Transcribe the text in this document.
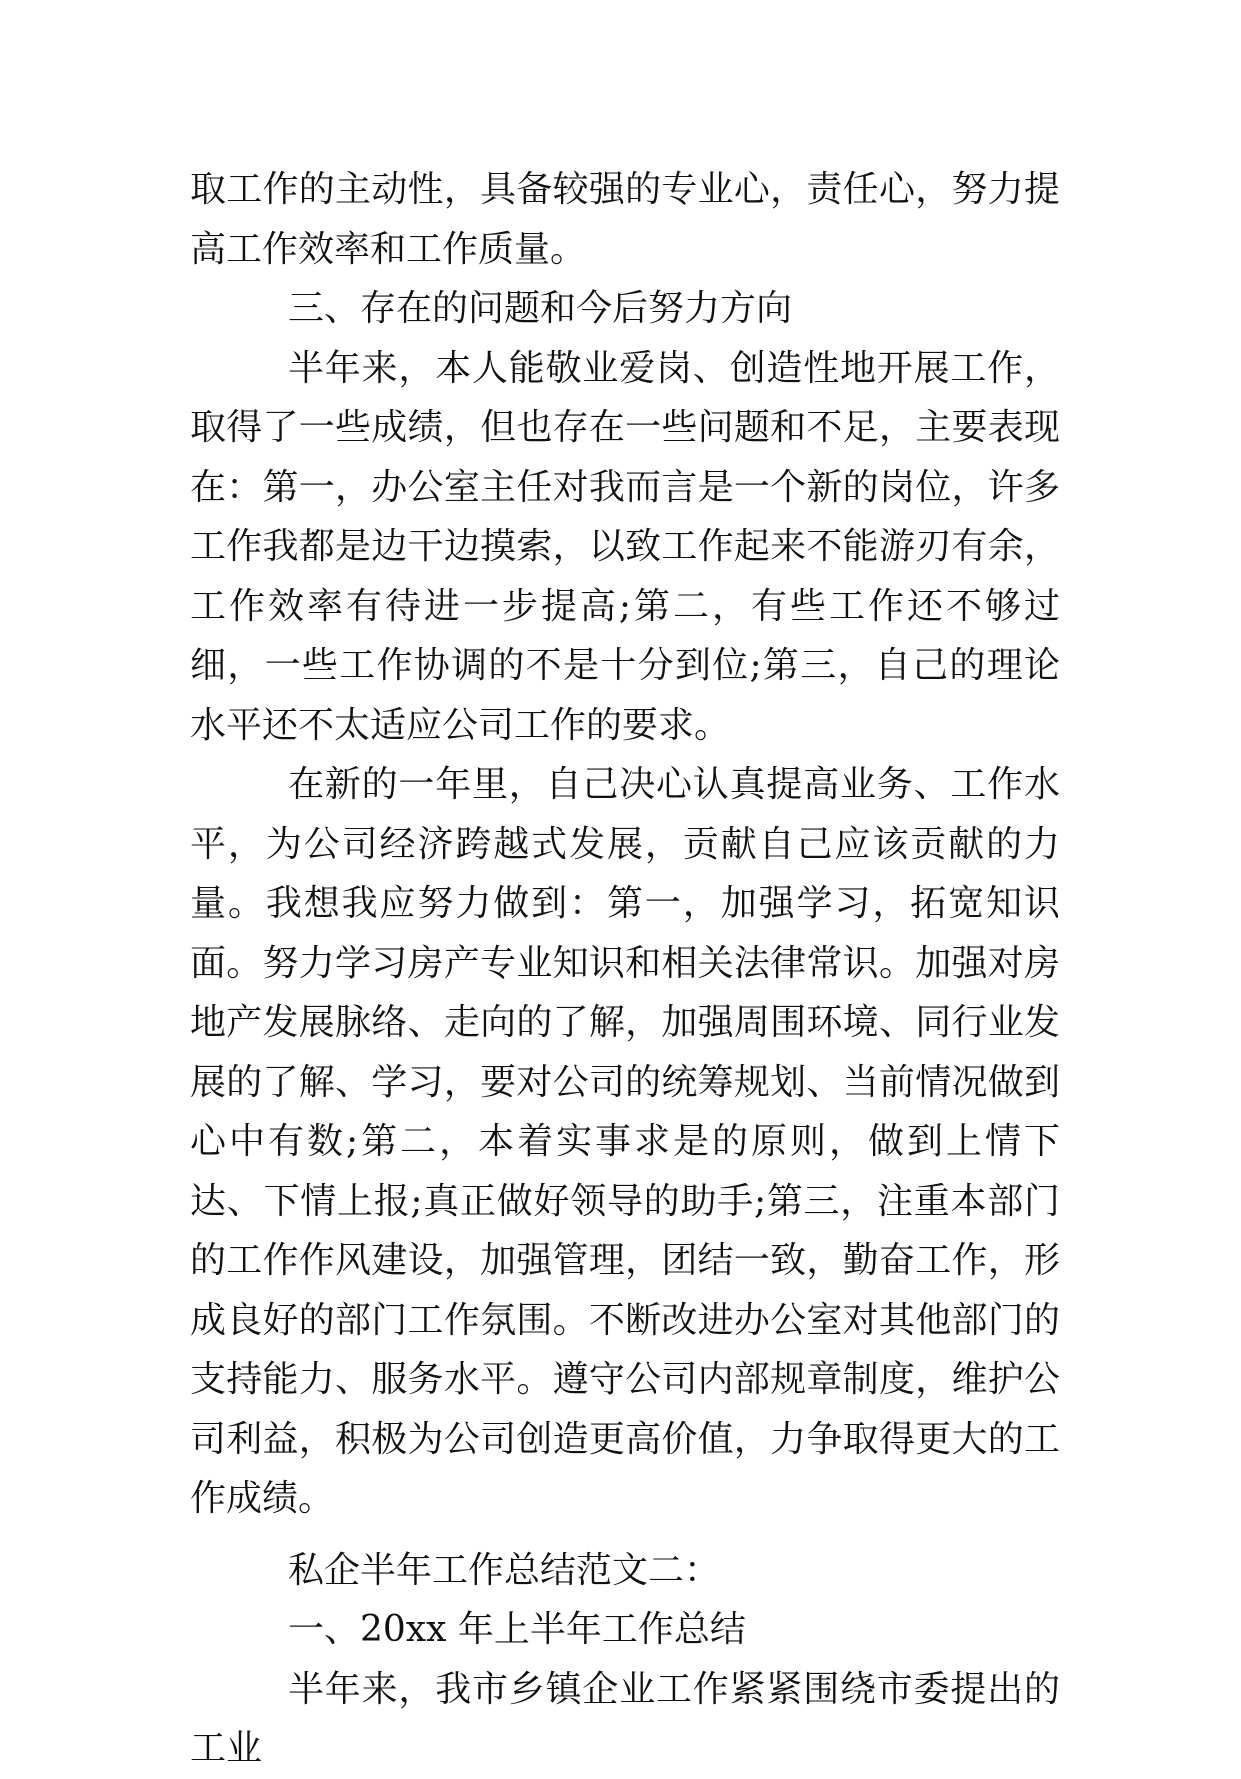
取工作的主动性，具备较强的专业心，责任心，努力提高工作效率和工作质量。

三、存在的问题和今后努力方向

半年来，本人能敬业爱岗、创造性地开展工作，取得了一些成绩，但也存在一些问题和不足，主要表现在：第一，办公室主任对我而言是一个新的岗位，许多工作我都是边干边摸索，以致工作起来不能游刃有余，工作效率有待进一步提高;第二，有些工作还不够过细，一些工作协调的不是十分到位;第三，自己的理论水平还不太适应公司工作的要求。

在新的一年里，自己决心认真提高业务、工作水平，为公司经济跨越式发展，贡献自己应该贡献的力量。我想我应努力做到：第一，加强学习，拓宽知识面。努力学习房产专业知识和相关法律常识。加强对房地产发展脉络、走向的了解，加强周围环境、同行业发展的了解、学习，要对公司的统筹规划、当前情况做到心中有数;第二，本着实事求是的原则，做到上情下达、下情上报;真正做好领导的助手;第三，注重本部门的工作作风建设，加强管理，团结一致，勤奋工作，形成良好的部门工作氛围。不断改进办公室对其他部门的支持能力、服务水平。遵守公司内部规章制度，维护公司利益，积极为公司创造更高价值，力争取得更大的工作成绩。

私企半年工作总结范文二：

一、20xx 年上半年工作总结

半年来，我市乡镇企业工作紧紧围绕市委提出的工业
